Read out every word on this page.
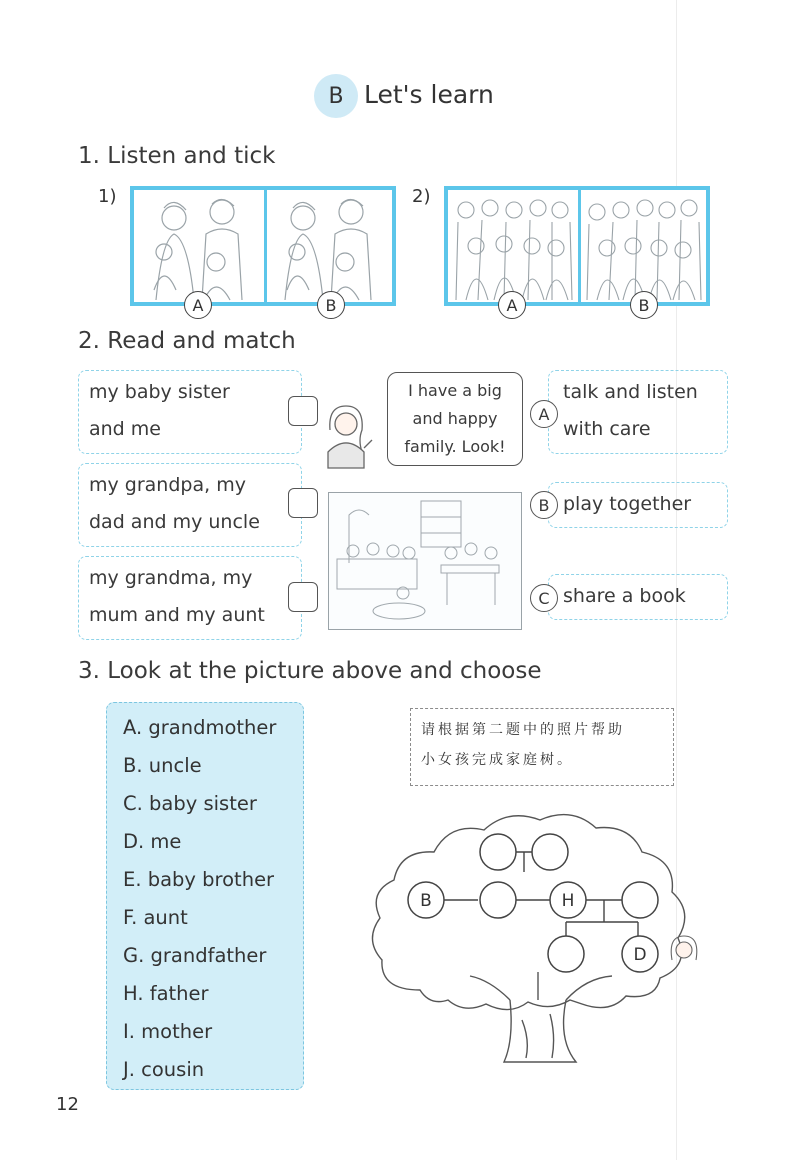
B Let's learn
1. Listen and tick
1)
A	B
2)
A	B
2. Read and match
my baby sister
and me
my grandpa, my
dad and my uncle
my grandma, my
mum and my aunt
I have a big
and happy
family. Look!
talk and listen
with care
play together
share a book
A
B
C
3. Look at the picture above and choose
A. grandmother
B. uncle
C. baby sister
D. me
E. baby brother
F. aunt
G. grandfather
H. father
I. mother
J. cousin
请根据第二题中的照片帮助
小女孩完成家庭树。
B	H
D
12
